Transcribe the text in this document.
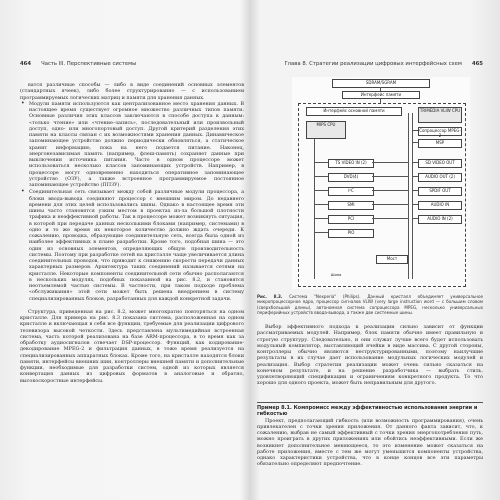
464 Часть III. Перспективные системы	Глава 8. Стратегии реализации цифровых интерфейсных схем 465

ватся различные способы — либо в виде соединений основных элементов (стандартных ячеек), либо более структурированно — с использованием программируемых логических матриц и памяти для хранения данных.

• Модули памяти используются как централизованное место хранения данных. В настоящее время существует огромное множество различных типов памяти. Основные различия этих классов заключаются в способе доступа к данным: «только чтение» или «чтение–запись», последовательный или произвольный доступ, одно- или многопортовый доступ. Другой критерий разделения этих памяти на классы связан с их возможностями хранения данных. Динамическое запоминающее устройство должно периодически обновляться, а статическое хранит информацию, пока на него подается питание. Наконец, энергонезависимая память (например, флеш-память) сохраняет данные при выключении источника питания. Часто в одном процессоре может использоваться несколько классов запоминающих устройств. Например, в процессоре могут одновременно находиться оперативное запоминающее устройство (ОЗУ), а также встроенное программируемое постоянное запоминающее устройство (ППЗУ).
• Соединительная сеть связывает между собой различные модули процессора, а блоки ввода-вывода соединяют процессор с внешним миром. До недавнего времени для этих целей использовались шины. Однако в настоящее время эти шины часто становятся узким местом в проектах из-за большой плотности трафика и неэффективной работы. Так в процессоре может возникнуть ситуация, в которой при передаче данных несколькими блоками (например, системами) в одно и то же время их некоторое количество должно ждать очереди. К сожалению, проводка, образующие соединительную сеть, всегда была одной из наиболее эффективных в плане разработки. Кроме того, подобная шина — это один из основных элементов, определяющих общую производительность системы. Поэтому при разработке сетей на кристалле чаще увеличивается длина соединительных проводов, что приводит к снижению скорости передачи данных характерных размеров. Архитектура таких соединений называется сетями на кристалле. Некоторые компоненты соединительной сети обычно располагаются в нескольких модулях, подобных показанной на рис. 8.2, и становятся неотъемлемой частью системы. В частности, при таком подходе проблема «обслуживания» этой сети может быть решена внедрением в систему специализированных блоков, разработанных для каждой конкретной задачи.

Структура, приведенная на рис. 8.2, может многократно повторяться на одном кристалле. Для примера на рис. 8.3 показана система, расположенная на одном кристалле и включающая в себя все функции, требуемые для реализации цифрового телевизора высокой четкости. Здесь представлена мультимедийная встроенная система, часть которой реализована на базе ARM-процессора, в то время как за обработку аудиосигналов отвечает DSP-процессор. Функций, как кодирование-декодирование MPEG-2 и фильтрация данных, в тоже время реализуется на специализированных аппаратных блоках. Кроме того, на кристалле находятся блоки памяти, интерфейсы внешних шин, контроллеры внешней памяти и дополнительные функции, необходимые для разработки систем, одной из которых является конвертация данных из цифровых форматов в аналоговые и обратно, высокоскоростные интерфейсы.

SDRAM/SGRAM
Интерфейс памяти
Интерфейс основной памяти	TRIMEDIA VLIW CPU
MIPS CPU
Сопроцессор MPEG-2
MSP
TS VIDEO IN (2)	SD VIDEO OUT
DVD(4)	AUDIO OUT (2)
I²C	SPDIF OUT
SMI	AUDIO IN
PCI	AUDIO IN (2)
PIO
Мост
Шина
Рис. 8.3. Система "Nexperia" (Philips). Данный кристалл объединяет универсальное микропроцессорное ядро, процессор сигналов VLIW (very large instruction word — с большим словом (сверхбольшой длины), автономная система сопроцессора MPEG, несколько универсальных периферийных устройств ввода-вывода, а также две системные шины.

Выбор эффективного подхода к реализации сильно зависит от функции рассматриваемых модулей. Например, блок памяти обычно имеет правильную и строгую структуру. Следовательно, и они служат лучше всего будет использовать модульный компилятор, выставляющий ячейки в виде массива. С другой стороны, контроллеры обычно являются неструктурированными, поэтому наилучшие результаты в их случае дает использование модульных логических модулей и реализация. Выбор стратегии реализации может очень сильно сказаться на конечном результате, и на решение разработчика — выбрать стиль, удовлетворяющий спецификации и ограничениям конкретного продукта. То что хорошо для одного проекта, может быть неправильным для другого.

Пример 8.1. Компромисс между эффективностью использования энергии и гибкостью

Проект, предполагающий гибкость (или возможность программирования), очень привлекателен с точки зрения приложения. От данного факта зависит, что, к сожалению, выбрав не самый эффективный с точки зрения энергопотребления путь, можно проиграть в других приложениях или обойтись неэффективными. Если же возникнет дополнительное меняющееся, то это изменение может сказаться на работе приложения, вместе с тем же могут уменьшится компоненты устройства, однако характеристики устройства, что в конце концов все эти параметры обязательно определяют предпочтение.
